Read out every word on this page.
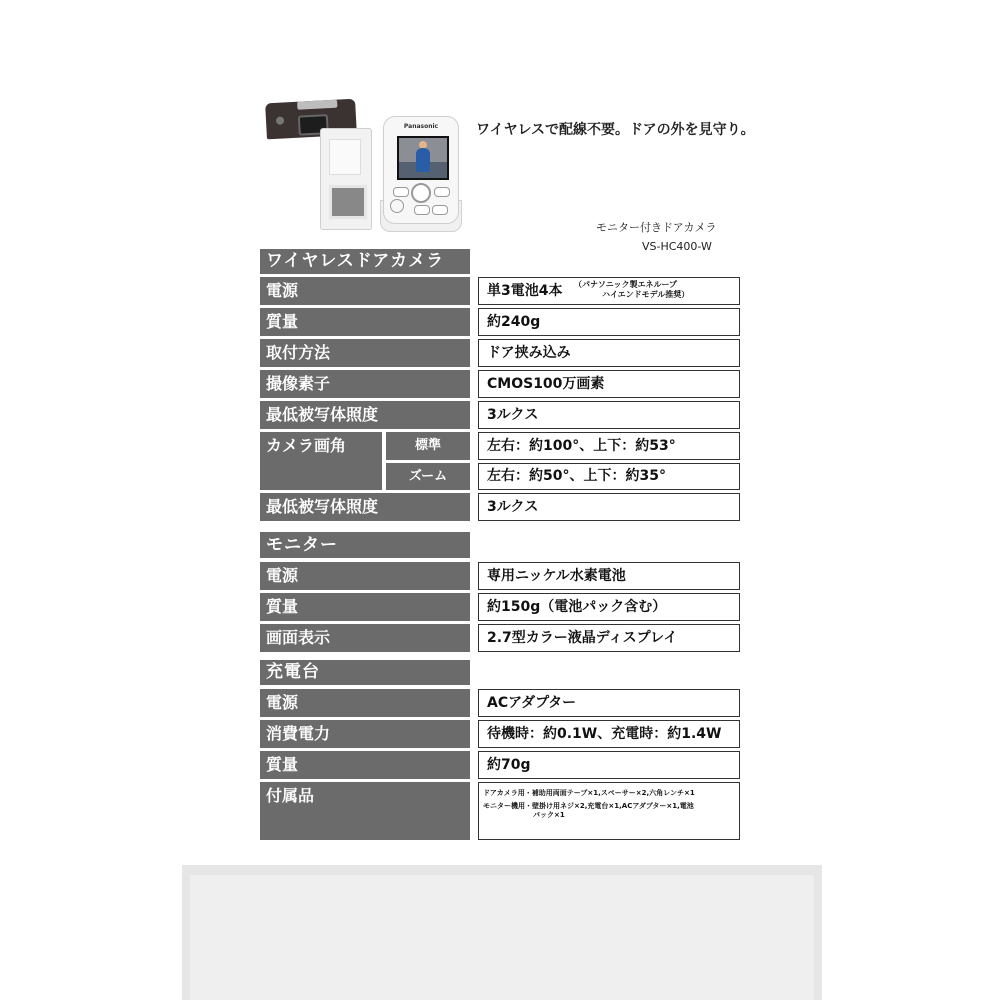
Panasonic	ワイヤレスで配線不要。ドアの外を見守り。
モニター付きドアカメラ
VS-HC400-W
ワイヤレスドアカメラ
電源	単3電池4本	（パナソニック製エネループ
ハイエンドモデル推奨）
質量	約240g
取付方法	ドア挟み込み
撮像素子	CMOS100万画素
最低被写体照度	3ルクス
カメラ画角	標準	左右：約100°、上下：約53°
ズーム	左右：約50°、上下：約35°
最低被写体照度	3ルクス
モニター
電源	専用ニッケル水素電池
質量	約150g（電池パック含む）
画面表示	2.7型カラー液晶ディスプレイ
充電台
電源	ACアダプター
消費電力	待機時：約0.1W、充電時：約1.4W
質量	約70g
付属品	ドアカメラ用・補助用両面テープ×1,スペーサー×2,六角レンチ×1
モニター機用・壁掛け用ネジ×2,充電台×1,ACアダプター×1,電池
パック×1
